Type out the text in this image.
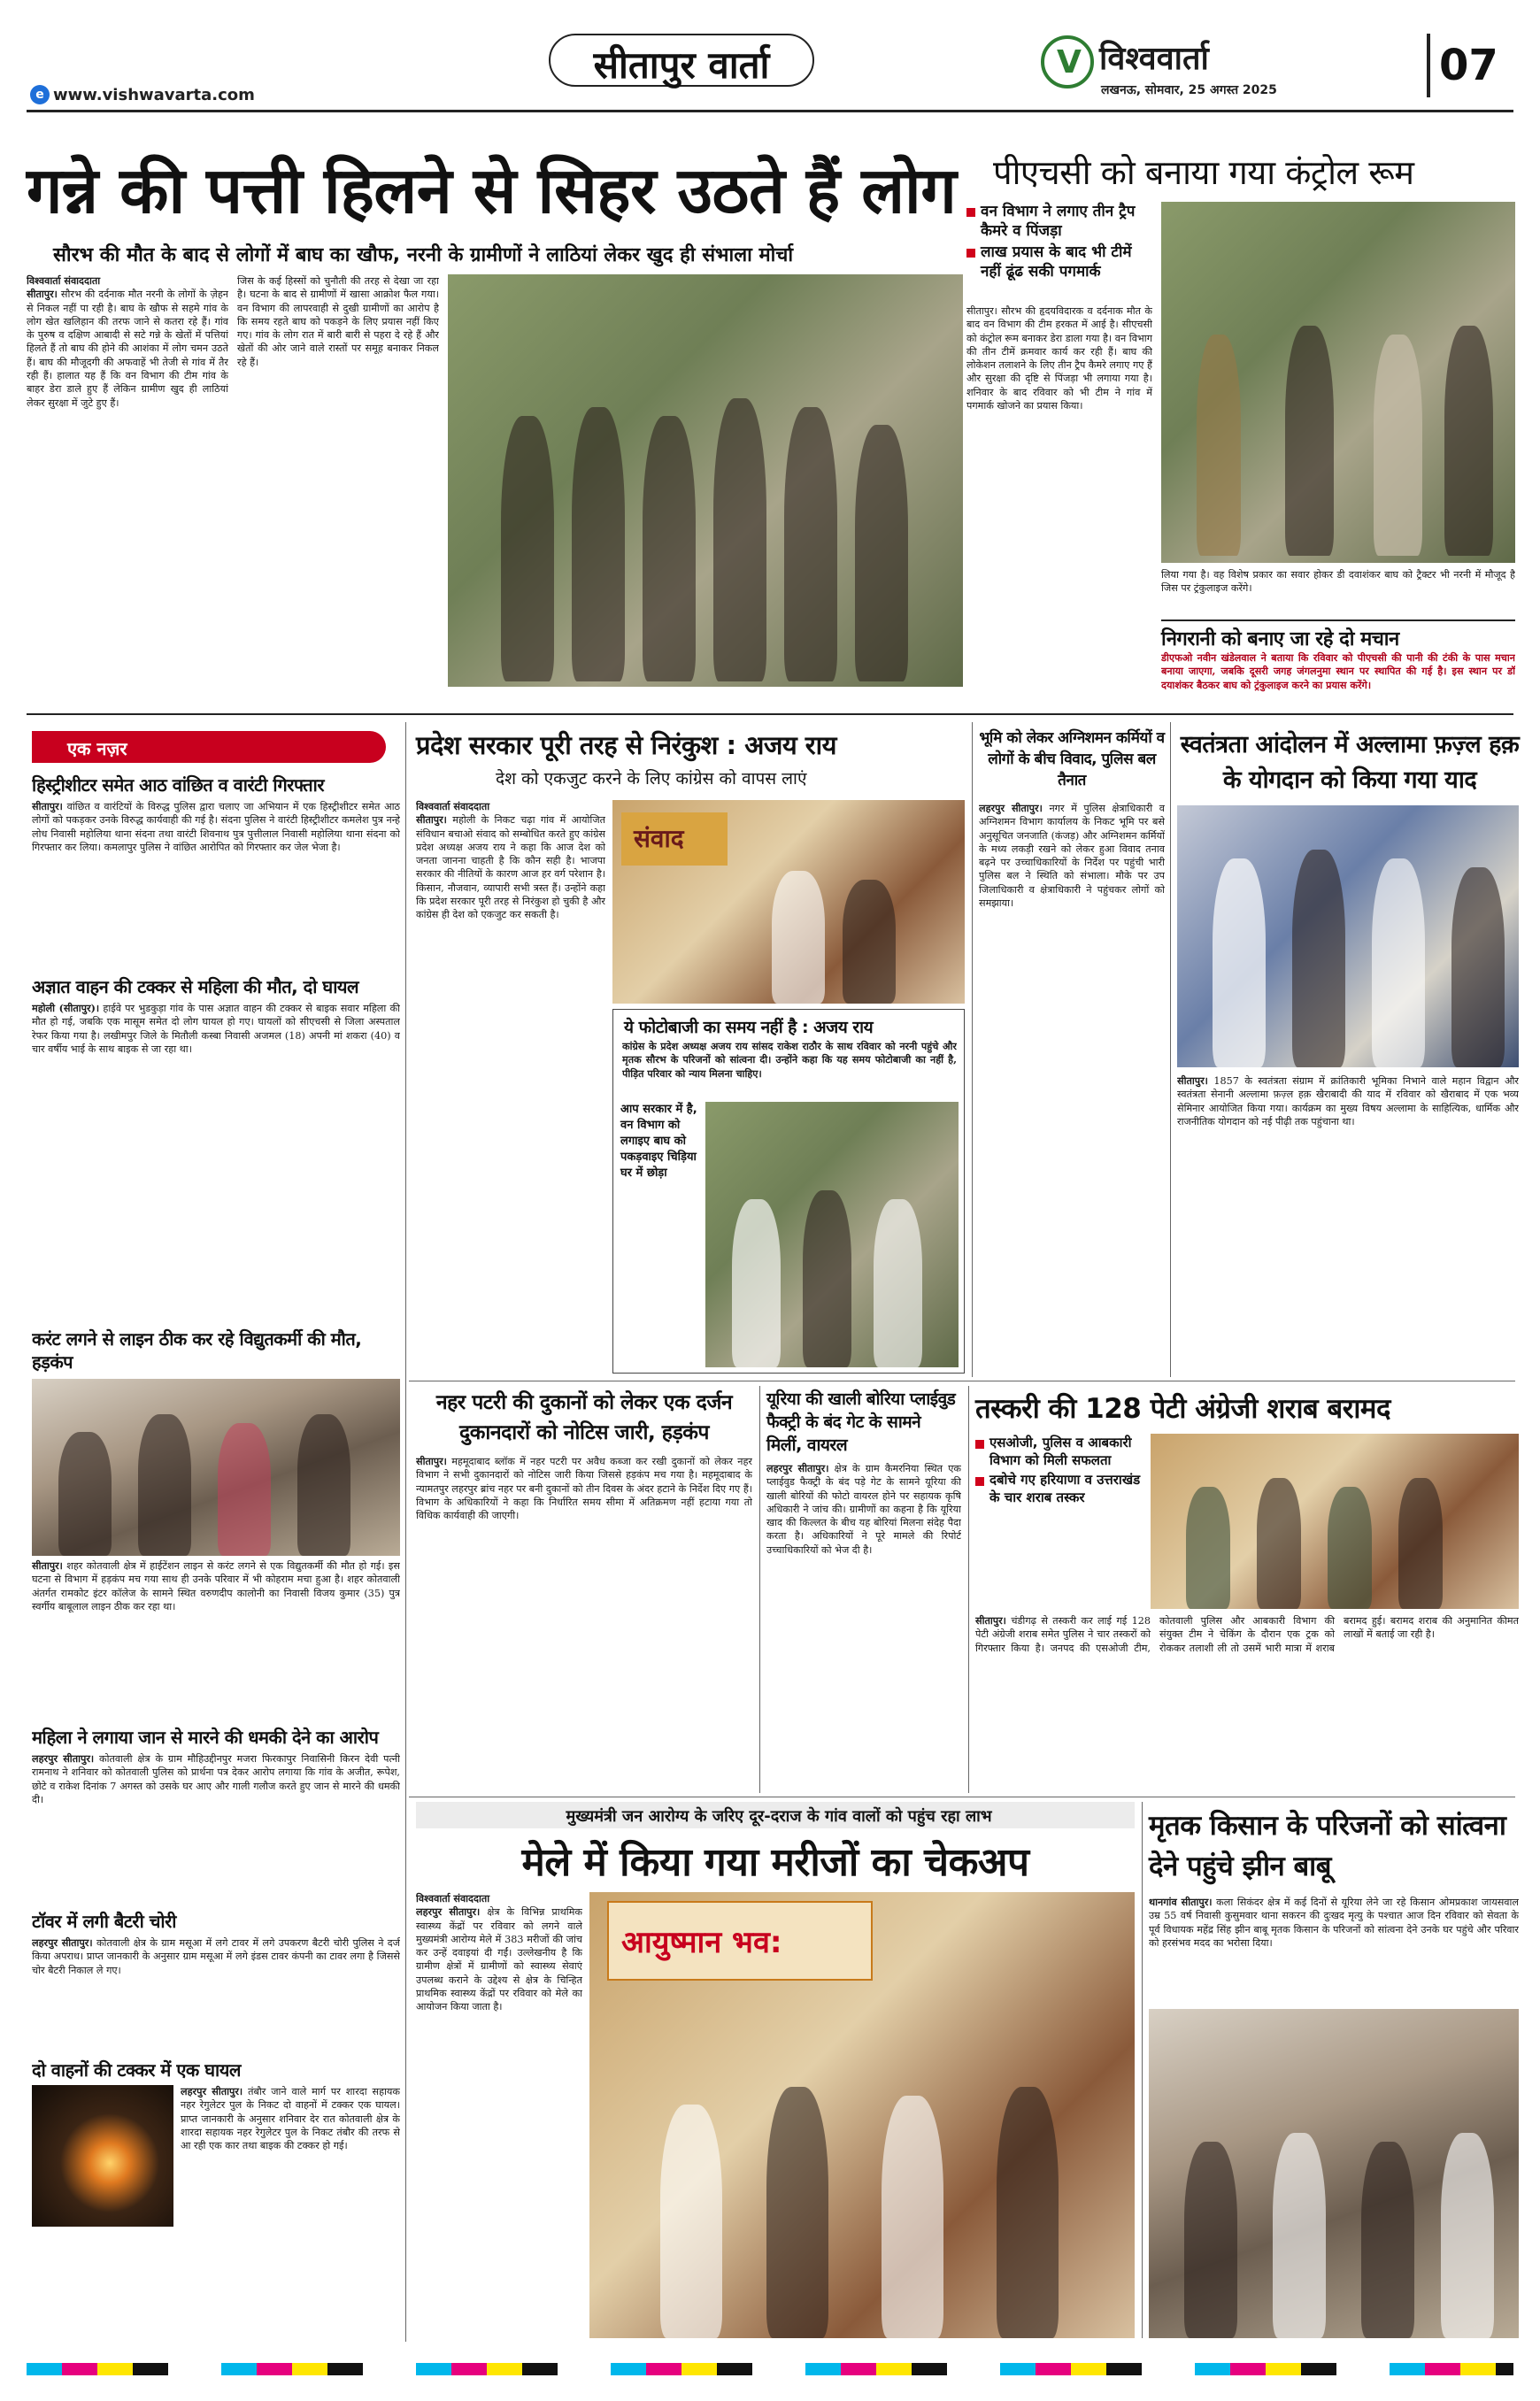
सीतापुर वार्ता
e www.vishwavarta.com
V विश्ववार्ता
लखनऊ, सोमवार, 25 अगस्त 2025	07
गन्ने की पत्ती हिलने से सिहर उठते हैं लोग
सौरभ की मौत के बाद से लोगों में बाघ का खौफ, नरनी के ग्रामीणों ने लाठियां लेकर खुद ही संभाला मोर्चा
विश्ववार्ता संवाददाता
सीतापुर। सौरभ की दर्दनाक मौत नरनी के लोगों के ज़ेहन से निकल नहीं पा रही है। बाघ के खौफ से सहमे गांव के लोग खेत खलिहान की तरफ जाने से कतरा रहे हैं। गांव के पुरुष व दक्षिण आबादी से सटे गन्ने के खेतों में पत्तियां हिलते हैं तो बाघ की होने की आशंका में लोग चमन उठते हैं। बाघ की मौजूदगी की अफवाहें भी तेजी से गांव में तैर रही हैं। हालात यह हैं कि वन विभाग की टीम गांव के बाहर डेरा डाले हुए हैं लेकिन ग्रामीण खुद ही लाठियां लेकर सुरक्षा में जुटे हुए हैं।
जिस के कई हिस्सों को चुनौती की तरह से देखा जा रहा है। घटना के बाद से ग्रामीणों में खासा आक्रोश फैल गया। वन विभाग की लापरवाही से दुखी ग्रामीणों का आरोप है कि समय रहते बाघ को पकड़ने के लिए प्रयास नहीं किए गए। गांव के लोग रात में बारी बारी से पहरा दे रहे हैं और खेतों की ओर जाने वाले रास्तों पर समूह बनाकर निकल रहे हैं।
पीएचसी को बनाया गया कंट्रोल रूम
वन विभाग ने लगाए तीन ट्रैप कैमरे व पिंजड़ा
लाख प्रयास के बाद भी टीमें नहीं ढूंढ सकी पगमार्क
सीतापुर। सौरभ की हृदयविदारक व दर्दनाक मौत के बाद वन विभाग की टीम हरकत में आई है। सीएचसी को कंट्रोल रूम बनाकर डेरा डाला गया है। वन विभाग की तीन टीमें क्रमवार कार्य कर रही हैं। बाघ की लोकेशन तलाशने के लिए तीन ट्रैप कैमरे लगाए गए हैं और सुरक्षा की दृष्टि से पिंजड़ा भी लगाया गया है। शनिवार के बाद रविवार को भी टीम ने गांव में पगमार्क खोजने का प्रयास किया।
लिया गया है। वह विशेष प्रकार का सवार होकर डी दवाशंकर बाघ को ट्रैक्टर भी नरनी में मौजूद है जिस पर ट्रंकुलाइज करेंगे।
निगरानी को बनाए जा रहे दो मचान
डीएफओ नवीन खंडेलवाल ने बताया कि रविवार को पीएचसी की पानी की टंकी के पास मचान बनाया जाएगा, जबकि दूसरी जगह जंगलनुमा स्थान पर स्थापित की गई है। इस स्थान पर डॉ दयाशंकर बैठकर बाघ को ट्रंकुलाइज करने का प्रयास करेंगे।
एक नज़र
हिस्ट्रीशीटर समेत आठ वांछित व वारंटी गिरफ्तार
सीतापुर। वांछित व वारंटियों के विरुद्ध पुलिस द्वारा चलाए जा अभियान में एक हिस्ट्रीशीटर समेत आठ लोगों को पकड़कर उनके विरुद्ध कार्यवाही की गई है। संदना पुलिस ने वारंटी हिस्ट्रीशीटर कमलेश पुत्र नन्हे लोध निवासी महोलिया थाना संदना तथा वारंटी शिवनाथ पुत्र पुत्तीलाल निवासी महोलिया थाना संदना को गिरफ्तार कर लिया। कमलापुर पुलिस ने वांछित आरोपित को गिरफ्तार कर जेल भेजा है।
अज्ञात वाहन की टक्कर से महिला की मौत, दो घायल
महोली (सीतापुर)। हाईवे पर भुडकुड़ा गांव के पास अज्ञात वाहन की टक्कर से बाइक सवार महिला की मौत हो गई, जबकि एक मासूम समेत दो लोग घायल हो गए। घायलों को सीएचसी से जिला अस्पताल रेफर किया गया है। लखीमपुर जिले के मितौली कस्बा निवासी अजमल (18) अपनी मां शकरा (40) व चार वर्षीय भाई के साथ बाइक से जा रहा था।
करंट लगने से लाइन ठीक कर रहे विद्युतकर्मी की मौत, हड़कंप
सीतापुर। शहर कोतवाली क्षेत्र में हाईटेंशन लाइन से करंट लगने से एक विद्युतकर्मी की मौत हो गई। इस घटना से विभाग में हड़कंप मच गया साथ ही उनके परिवार में भी कोहराम मचा हुआ है। शहर कोतवाली अंतर्गत रामकोट इंटर कॉलेज के सामने स्थित वरुणदीप कालोनी का निवासी विजय कुमार (35) पुत्र स्वर्गीय बाबूलाल लाइन ठीक कर रहा था।
महिला ने लगाया जान से मारने की धमकी देने का आरोप
लहरपुर सीतापुर। कोतवाली क्षेत्र के ग्राम मौहिउद्दीनपुर मजरा फिरकापुर निवासिनी किरन देवी पत्नी रामनाथ ने शनिवार को कोतवाली पुलिस को प्रार्थना पत्र देकर आरोप लगाया कि गांव के अजीत, रूपेश, छोटे व राकेश दिनांक 7 अगस्त को उसके घर आए और गाली गलौज करते हुए जान से मारने की धमकी दी।
टॉवर में लगी बैटरी चोरी
लहरपुर सीतापुर। कोतवाली क्षेत्र के ग्राम मसूआ में लगे टावर में लगे उपकरण बैटरी चोरी पुलिस ने दर्ज किया अपराध। प्राप्त जानकारी के अनुसार ग्राम मसूआ में लगे इंडस टावर कंपनी का टावर लगा है जिससे चोर बैटरी निकाल ले गए।
दो वाहनों की टक्कर में एक घायल
लहरपुर सीतापुर। तंबौर जाने वाले मार्ग पर शारदा सहायक नहर रेगुलेटर पुल के निकट दो वाहनों में टक्कर एक घायल। प्राप्त जानकारी के अनुसार शनिवार देर रात कोतवाली क्षेत्र के शारदा सहायक नहर रेगुलेटर पुल के निकट तंबौर की तरफ से आ रही एक कार तथा बाइक की टक्कर हो गई।
प्रदेश सरकार पूरी तरह से निरंकुश : अजय राय
देश को एकजुट करने के लिए कांग्रेस को वापस लाएं
विश्ववार्ता संवाददाता
सीतापुर। महोली के निकट चढ़ा गांव में आयोजित संविधान बचाओ संवाद को सम्बोधित करते हुए कांग्रेस प्रदेश अध्यक्ष अजय राय ने कहा कि आज देश को जनता जानना चाहती है कि कौन सही है। भाजपा सरकार की नीतियों के कारण आज हर वर्ग परेशान है। किसान, नौजवान, व्यापारी सभी त्रस्त हैं। उन्होंने कहा कि प्रदेश सरकार पूरी तरह से निरंकुश हो चुकी है और कांग्रेस ही देश को एकजुट कर सकती है।
संवाद
ये फोटोबाजी का समय नहीं है : अजय राय
कांग्रेस के प्रदेश अध्यक्ष अजय राय सांसद राकेश राठौर के साथ रविवार को नरनी पहुंचे और मृतक सौरभ के परिजनों को सांत्वना दी। उन्होंने कहा कि यह समय फोटोबाजी का नहीं है, पीड़ित परिवार को न्याय मिलना चाहिए।
आप सरकार में है, वन विभाग को लगाइए बाघ को पकड़वाइए चिड़िया घर में छोड़ा
भूमि को लेकर अग्निशमन कर्मियों व लोगों के बीच विवाद, पुलिस बल तैनात
लहरपुर सीतापुर। नगर में पुलिस क्षेत्राधिकारी व अग्निशमन विभाग कार्यालय के निकट भूमि पर बसे अनुसूचित जनजाति (कंजड़) और अग्निशमन कर्मियों के मध्य लकड़ी रखने को लेकर हुआ विवाद तनाव बढ़ने पर उच्चाधिकारियों के निर्देश पर पहुंची भारी पुलिस बल ने स्थिति को संभाला। मौके पर उप जिलाधिकारी व क्षेत्राधिकारी ने पहुंचकर लोगों को समझाया।
स्वतंत्रता आंदोलन में अल्लामा फ़ज़्ल हक़ के योगदान को किया गया याद
सीतापुर। 1857 के स्वतंत्रता संग्राम में क्रांतिकारी भूमिका निभाने वाले महान विद्वान और स्वतंत्रता सेनानी अल्लामा फ़ज़्ल हक़ खैराबादी की याद में रविवार को खैराबाद में एक भव्य सेमिनार आयोजित किया गया। कार्यक्रम का मुख्य विषय अल्लामा के साहित्यिक, धार्मिक और राजनीतिक योगदान को नई पीढ़ी तक पहुंचाना था।
नहर पटरी की दुकानों को लेकर एक दर्जन दुकानदारों को नोटिस जारी, हड़कंप
सीतापुर। महमूदाबाद ब्लॉक में नहर पटरी पर अवैध कब्जा कर रखी दुकानों को लेकर नहर विभाग ने सभी दुकानदारों को नोटिस जारी किया जिससे हड़कंप मच गया है। महमूदाबाद के न्यामतपुर लहरपुर ब्रांच नहर पर बनी दुकानों को तीन दिवस के अंदर हटाने के निर्देश दिए गए हैं। विभाग के अधिकारियों ने कहा कि निर्धारित समय सीमा में अतिक्रमण नहीं हटाया गया तो विधिक कार्यवाही की जाएगी।
यूरिया की खाली बोरिया प्लाईवुड फैक्ट्री के बंद गेट के सामने मिलीं, वायरल
लहरपुर सीतापुर। क्षेत्र के ग्राम कैमरनिया स्थित एक प्लाईवुड फैक्ट्री के बंद पड़े गेट के सामने यूरिया की खाली बोरियों की फोटो वायरल होने पर सहायक कृषि अधिकारी ने जांच की। ग्रामीणों का कहना है कि यूरिया खाद की किल्लत के बीच यह बोरियां मिलना संदेह पैदा करता है। अधिकारियों ने पूरे मामले की रिपोर्ट उच्चाधिकारियों को भेज दी है।
तस्करी की 128 पेटी अंग्रेजी शराब बरामद
एसओजी, पुलिस व आबकारी विभाग को मिली सफलता
दबोचे गए हरियाणा व उत्तराखंड के चार शराब तस्कर
सीतापुर। चंडीगढ़ से तस्करी कर लाई गई 128 पेटी अंग्रेजी शराब समेत पुलिस ने चार तस्करों को गिरफ्तार किया है। जनपद की एसओजी टीम, कोतवाली पुलिस और आबकारी विभाग की संयुक्त टीम ने चेकिंग के दौरान एक ट्रक को रोककर तलाशी ली तो उसमें भारी मात्रा में शराब बरामद हुई। बरामद शराब की अनुमानित कीमत लाखों में बताई जा रही है।
मुख्यमंत्री जन आरोग्य के जरिए दूर-दराज के गांव वालों को पहुंच रहा लाभ
मेले में किया गया मरीजों का चेकअप
विश्ववार्ता संवाददाता
लहरपुर सीतापुर। क्षेत्र के विभिन्न प्राथमिक स्वास्थ्य केंद्रों पर रविवार को लगने वाले मुख्यमंत्री आरोग्य मेले में 383 मरीजों की जांच कर उन्हें दवाइयां दी गईं। उल्लेखनीय है कि ग्रामीण क्षेत्रों में ग्रामीणों को स्वास्थ्य सेवाएं उपलब्ध कराने के उद्देश्य से क्षेत्र के चिन्हित प्राथमिक स्वास्थ्य केंद्रों पर रविवार को मेले का आयोजन किया जाता है।
आयुष्मान भव:
मृतक किसान के परिजनों को सांत्वना देने पहुंचे झीन बाबू
थानगांव सीतापुर। कला सिकंदर क्षेत्र में कई दिनों से यूरिया लेने जा रहे किसान ओमप्रकाश जायसवाल उम्र 55 वर्ष निवासी कुसुमवार थाना सकरन की दुःखद मृत्यु के पश्चात आज दिन रविवार को सेवता के पूर्व विधायक महेंद्र सिंह झीन बाबू मृतक किसान के परिजनों को सांत्वना देने उनके घर पहुंचे और परिवार को हरसंभव मदद का भरोसा दिया।
